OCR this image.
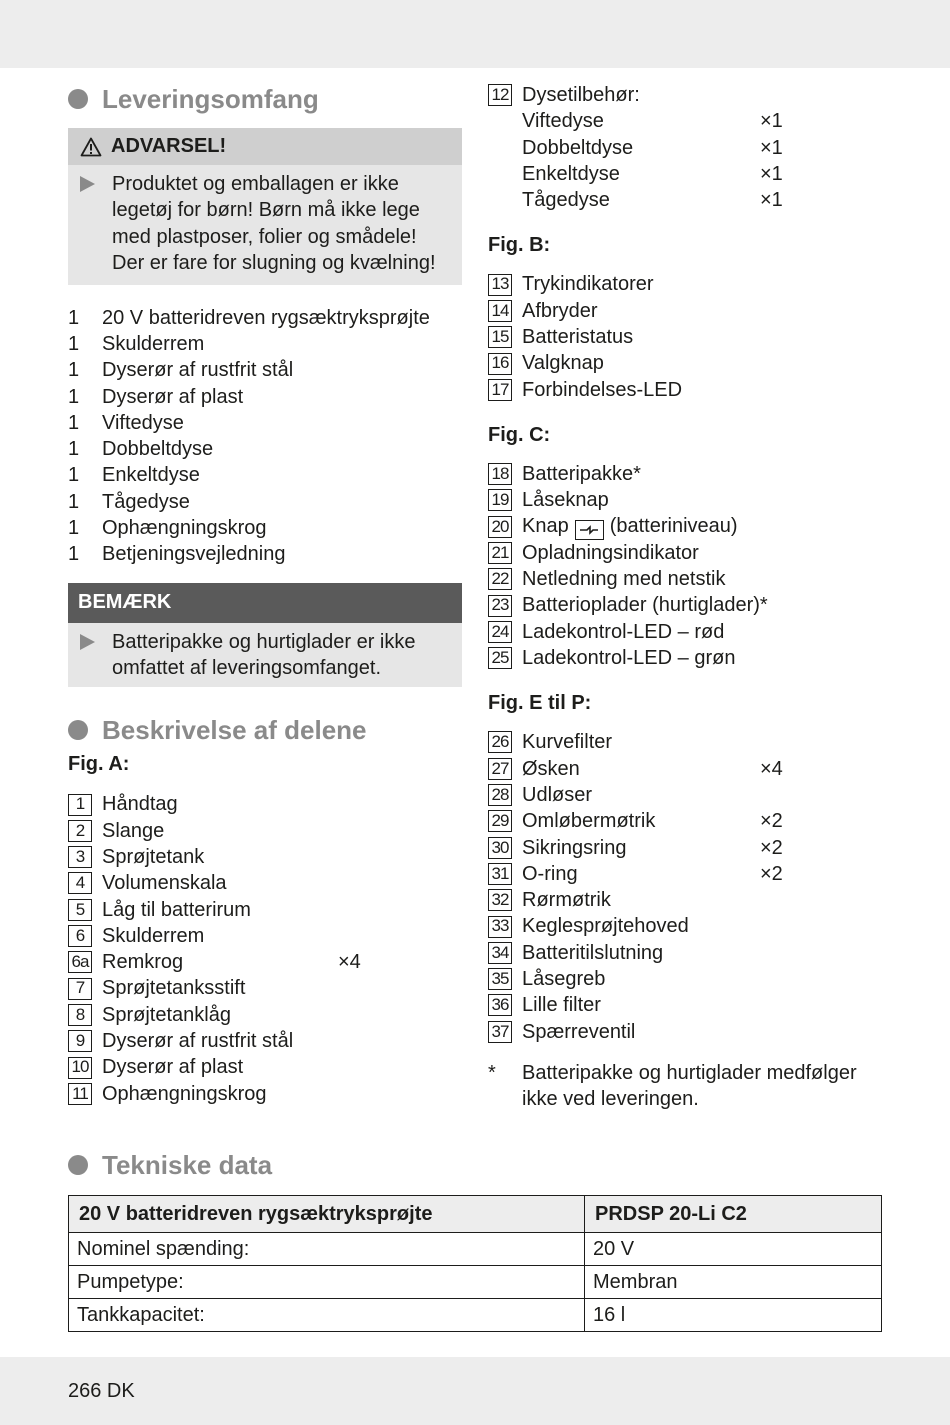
Leveringsomfang
ADVARSEL!
Produktet og emballagen er ikke legetøj for børn! Børn må ikke lege med plastposer, folier og smådele! Der er fare for slugning og kvælning!
1	20 V batteridreven rygsæktryksprøjte
1	Skulderrem
1	Dyserør af rustfrit stål
1	Dyserør af plast
1	Viftedyse
1	Dobbeltdyse
1	Enkeltdyse
1	Tågedyse
1	Ophængningskrog
1	Betjeningsvejledning
BEMÆRK
Batteripakke og hurtiglader er ikke omfattet af leveringsomfanget.
Beskrivelse af delene
Fig. A:
1 Håndtag
2 Slange
3 Sprøjtetank
4 Volumenskala
5 Låg til batterirum
6 Skulderrem
6a Remkrog	×4
7 Sprøjtetanksstift
8 Sprøjtetanklåg
9 Dyserør af rustfrit stål
10 Dyserør af plast
11 Ophængningskrog
12 Dysetilbehør:
Viftedyse	×1
Dobbeltdyse	×1
Enkeltdyse	×1
Tågedyse	×1
Fig. B:
13 Trykindikatorer
14 Afbryder
15 Batteristatus
16 Valgknap
17 Forbindelses-LED
Fig. C:
18 Batteripakke*
19 Låseknap
20 Knap (batteriniveau)
21 Opladningsindikator
22 Netledning med netstik
23 Batterioplader (hurtiglader)*
24 Ladekontrol-LED – rød
25 Ladekontrol-LED – grøn
Fig. E til P:
26 Kurvefilter
27 Øsken	×4
28 Udløser
29 Omløbermøtrik	×2
30 Sikringsring	×2
31 O-ring	×2
32 Rørmøtrik
33 Keglesprøjtehoved
34 Batteritilslutning
35 Låsegreb
36 Lille filter
37 Spærreventil
*	Batteripakke og hurtiglader medfølger ikke ved leveringen.
Tekniske data
20 V batteridreven rygsæktryksprøjte	PRDSP 20-Li C2
Nominel spænding:	20 V
Pumpetype:	Membran
Tankkapacitet:	16 l
266 DK
